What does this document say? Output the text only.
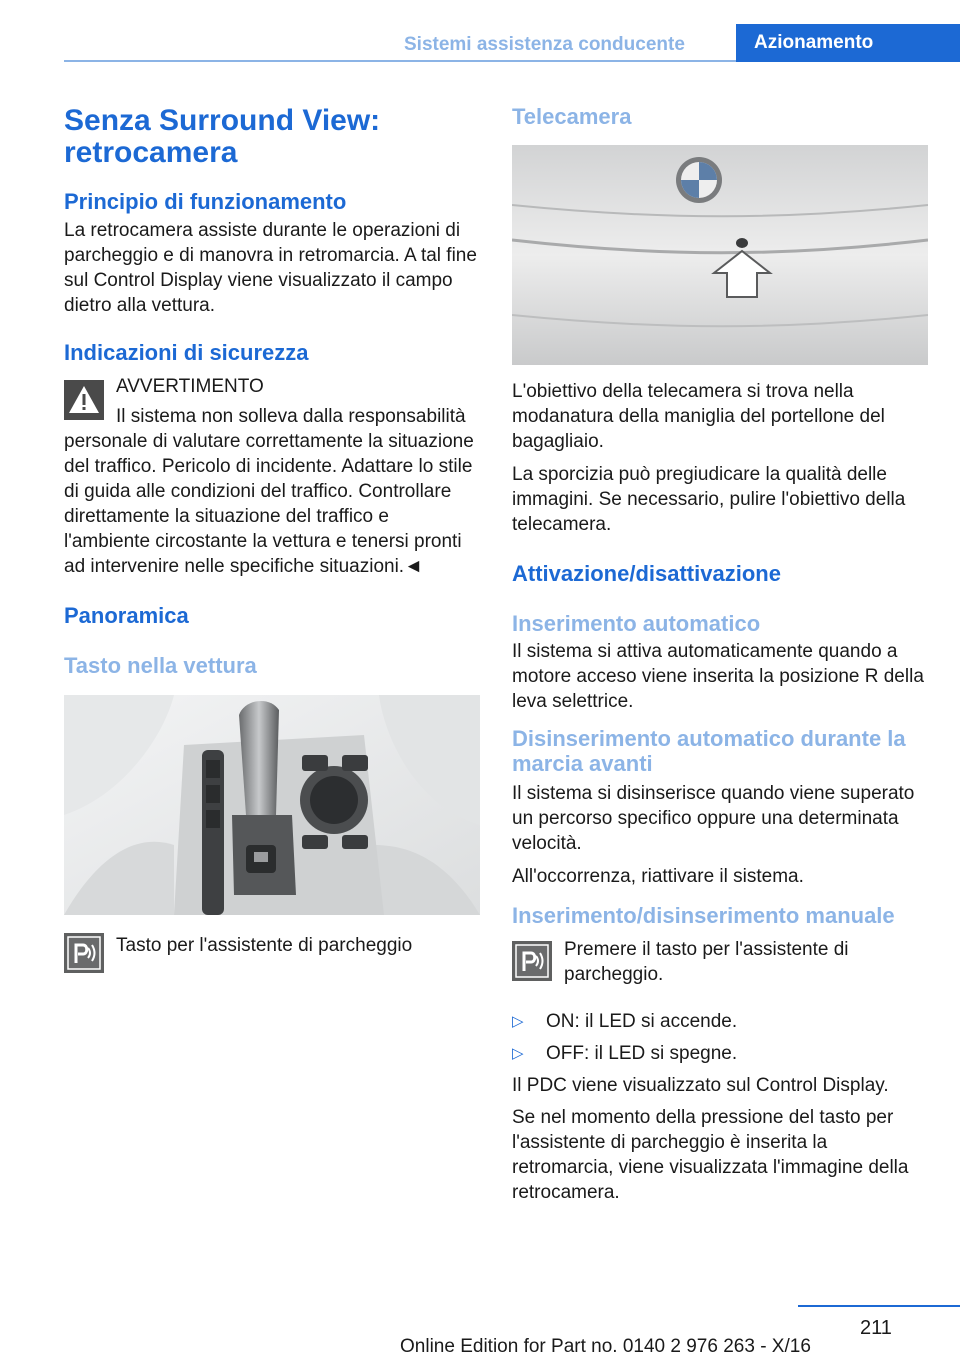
Sistemi assistenza conducente	Azionamento
Senza Surround View: retrocamera
Principio di funzionamento

La retrocamera assiste durante le operazioni di parcheggio e di manovra in retromarcia. A tal fine sul Control Display viene visualizzato il campo dietro alla vettura.

Indicazioni di sicurezza

AVVERTIMENTO

Il sistema non solleva dalla responsabilità

personale di valutare correttamente la situazione del traffico. Pericolo di incidente. Adattare lo stile di guida alle condizioni del traffico. Controllare direttamente la situazione del traffico e l'ambiente circostante la vettura e tenersi pronti ad intervenire nelle specifiche situazioni.◄

Panoramica
Tasto nella vettura

Tasto per l'assistente di parcheggio

Telecamera

L'obiettivo della telecamera si trova nella modanatura della maniglia del portellone del bagagliaio.

La sporcizia può pregiudicare la qualità delle immagini. Se necessario, pulire l'obiettivo della telecamera.

Attivazione/disattivazione
Inserimento automatico

Il sistema si attiva automaticamente quando a motore acceso viene inserita la posizione R della leva selettrice.

Disinserimento automatico durante la marcia avanti

Il sistema si disinserisce quando viene superato un percorso specifico oppure una determinata velocità.

All'occorrenza, riattivare il sistema.

Inserimento/disinserimento manuale

Premere il tasto per l'assistente di parcheggio.

▷ ON: il LED si accende.
▷ OFF: il LED si spegne.

Il PDC viene visualizzato sul Control Display.

Se nel momento della pressione del tasto per l'assistente di parcheggio è inserita la retromarcia, viene visualizzata l'immagine della retrocamera.

211
Online Edition for Part no. 0140 2 976 263 - X/16
